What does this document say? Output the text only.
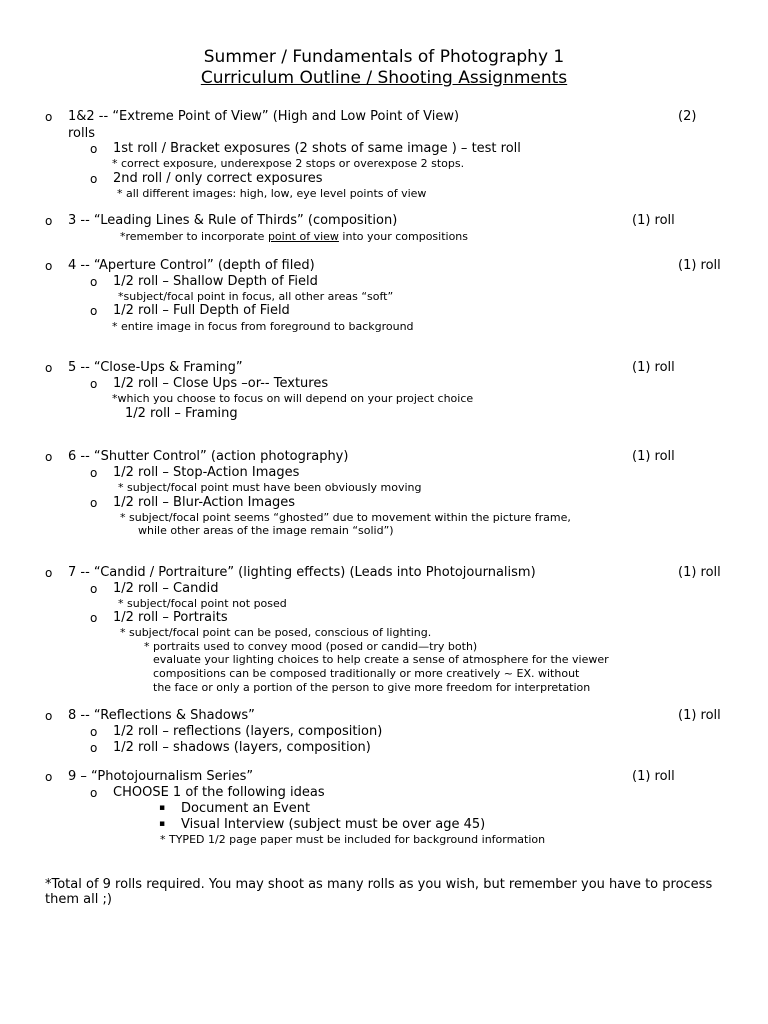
Summer / Fundamentals of Photography 1
Curriculum Outline / Shooting Assignments
o 1&2 -- “Extreme Point of View” (High and Low Point of View)	(2)
rolls
o 1st roll / Bracket exposures (2 shots of same image ) – test roll
* correct exposure, underexpose 2 stops or overexpose 2 stops.
o 2nd roll / only correct exposures
* all different images: high, low, eye level points of view
o 3 -- “Leading Lines & Rule of Thirds” (composition)	(1) roll
*remember to incorporate point of view into your compositions
o 4 -- “Aperture Control” (depth of filed)	(1) roll
o 1/2 roll – Shallow Depth of Field
*subject/focal point in focus, all other areas “soft”
o 1/2 roll – Full Depth of Field
* entire image in focus from foreground to background
o 5 -- “Close-Ups & Framing”	(1) roll
o 1/2 roll – Close Ups –or-- Textures
*which you choose to focus on will depend on your project choice
1/2 roll – Framing
o 6 -- “Shutter Control” (action photography)	(1) roll
o 1/2 roll – Stop-Action Images
* subject/focal point must have been obviously moving
o 1/2 roll – Blur-Action Images
* subject/focal point seems “ghosted” due to movement within the picture frame,
while other areas of the image remain “solid”)
o 7 -- “Candid / Portraiture” (lighting effects) (Leads into Photojournalism)	(1) roll
o 1/2 roll – Candid
* subject/focal point not posed
o 1/2 roll – Portraits
* subject/focal point can be posed, conscious of lighting.
* portraits used to convey mood (posed or candid—try both)
evaluate your lighting choices to help create a sense of atmosphere for the viewer
compositions can be composed traditionally or more creatively ~ EX. without
the face or only a portion of the person to give more freedom for interpretation
o 8 -- “Reflections & Shadows”	(1) roll
o 1/2 roll – reflections (layers, composition)
o 1/2 roll – shadows (layers, composition)
o 9 – “Photojournalism Series”	(1) roll
o CHOOSE 1 of the following ideas
▪ Document an Event
▪ Visual Interview (subject must be over age 45)
* TYPED 1/2 page paper must be included for background information
*Total of 9 rolls required. You may shoot as many rolls as you wish, but remember you have to process
them all ;)
